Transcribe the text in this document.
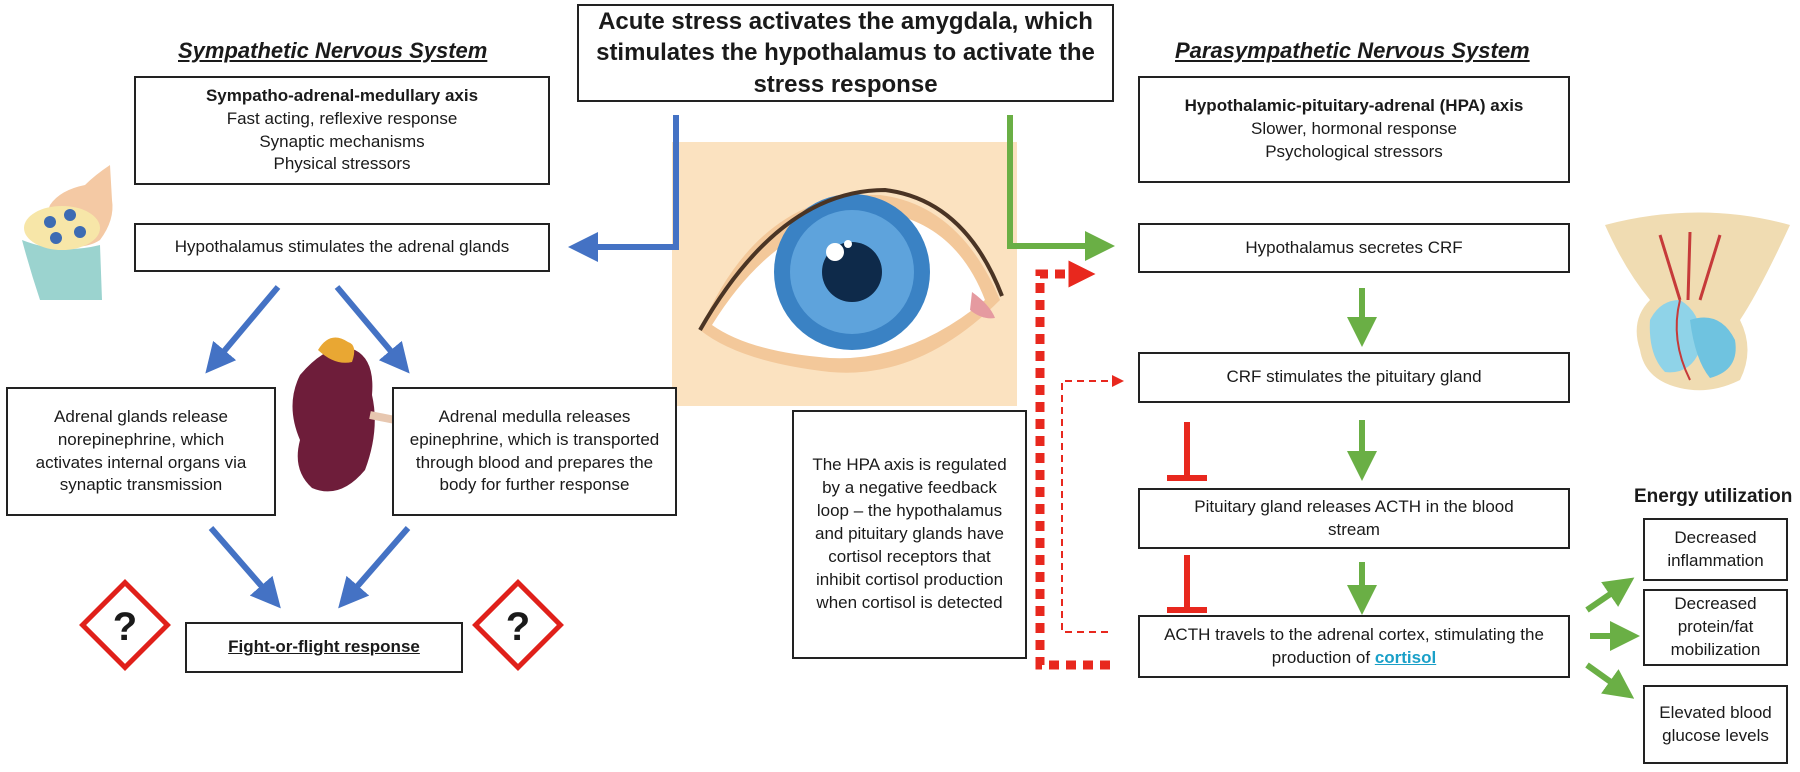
?	?
Sympathetic Nervous System	Parasympathetic Nervous System
Acute stress activates the amygdala, which stimulates the hypothalamus to activate the stress response
Sympatho-adrenal-medullary axis
Fast acting, reflexive response
Synaptic mechanisms
Physical stressors
Hypothalamus stimulates the adrenal glands
Adrenal glands release norepinephrine, which activates internal organs via synaptic transmission
Adrenal medulla releases epinephrine, which is transported through blood and prepares the body for further response
Fight-or-flight response
The HPA axis is regulated by a negative feedback loop – the hypothalamus and pituitary glands have cortisol receptors that inhibit cortisol production when cortisol is detected
Hypothalamic-pituitary-adrenal (HPA) axis
Slower, hormonal response
Psychological stressors
Hypothalamus secretes CRF
CRF stimulates the pituitary gland
Pituitary gland releases ACTH in the blood stream
ACTH travels to the adrenal cortex, stimulating the production of cortisol
Energy utilization
Decreased inflammation
Decreased protein/fat mobilization
Elevated blood glucose levels
